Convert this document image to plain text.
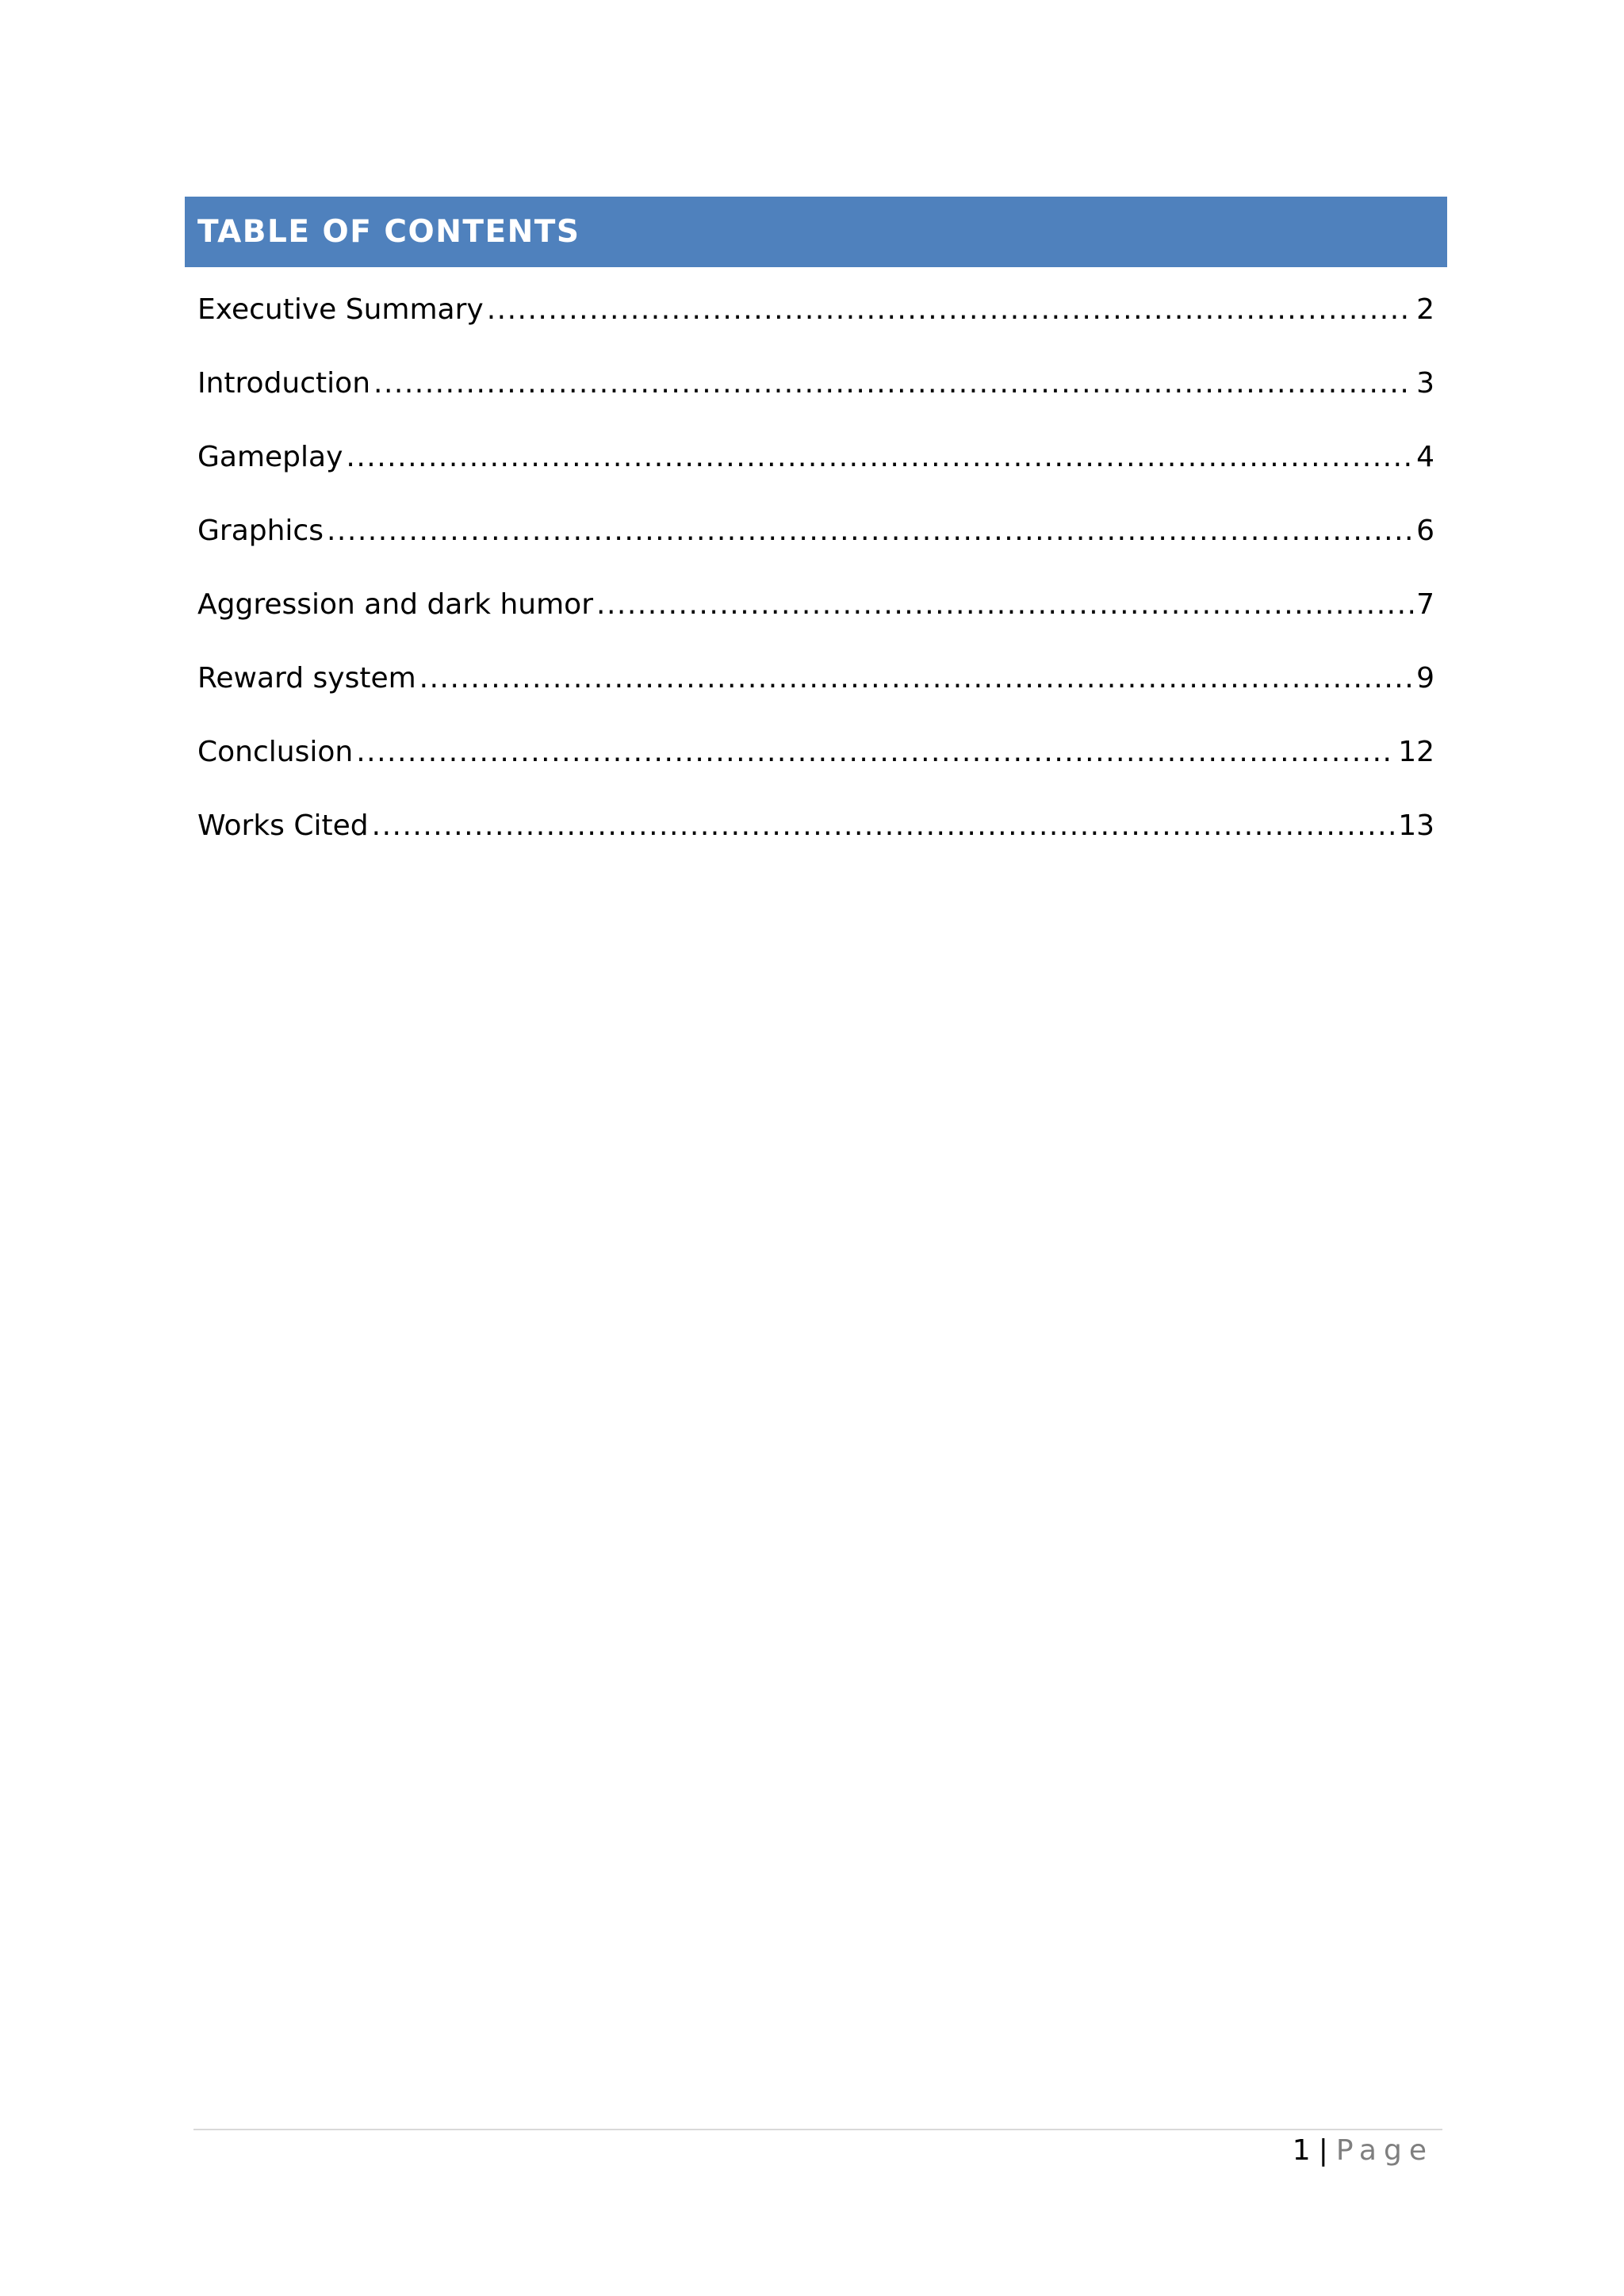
TABLE OF CONTENTS
Executive Summary .....	2
Introduction .....	3
Gameplay .....	4
Graphics .....	6
Aggression and dark humor .....	7
Reward system .....	9
Conclusion .....	12
Works Cited .....	13
1 | Page
